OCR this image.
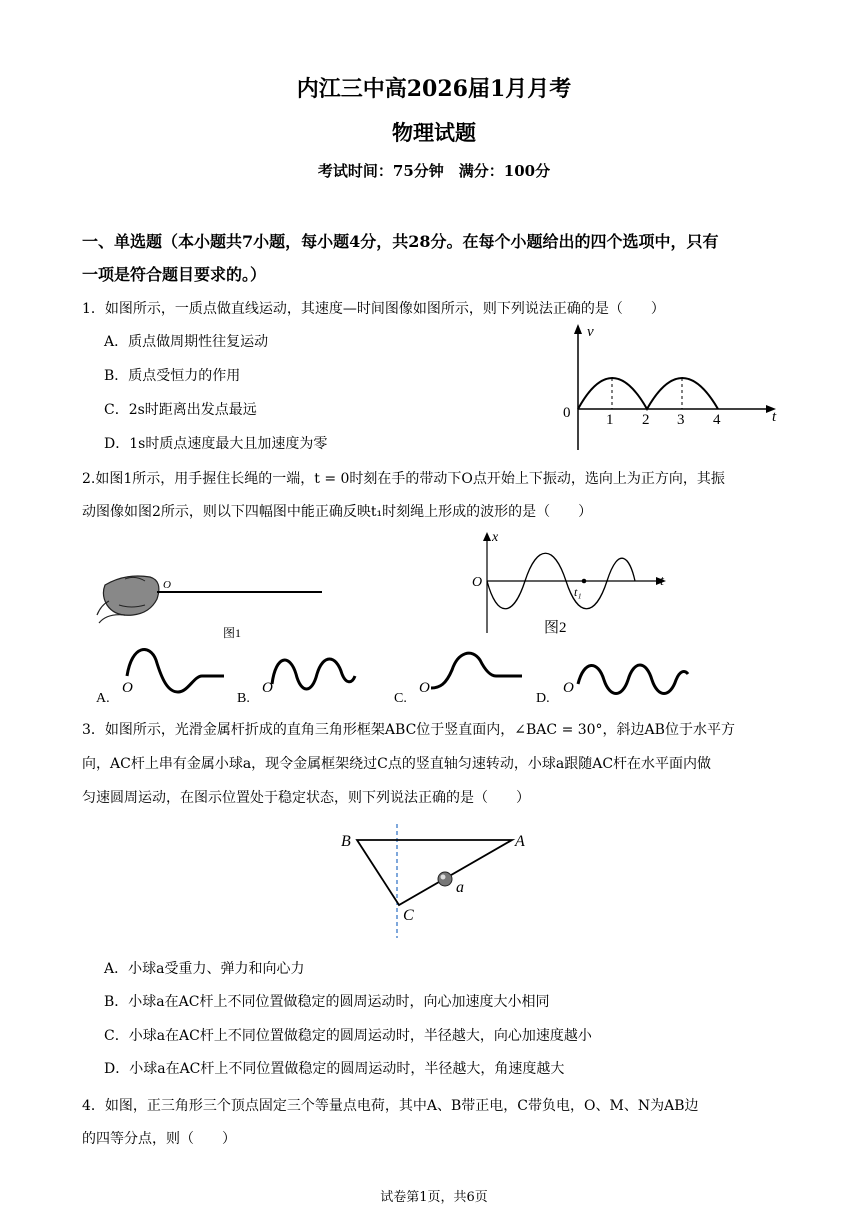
内江三中高2026届1月月考
物理试题
考试时间：75分钟　满分：100分
一、单选题（本小题共7小题，每小题4分，共28分。在每个小题给出的四个选项中，只有
一项是符合题目要求的。）
1．如图所示，一质点做直线运动，其速度—时间图像如图所示，则下列说法正确的是（　　）
A．质点做周期性往复运动
B．质点受恒力的作用
C．2s时距离出发点最远
D．1s时质点速度最大且加速度为零
v
t
0 1 2 3 4
2.如图1所示，用手握住长绳的一端，t = 0时刻在手的带动下O点开始上下振动，选向上为正方向，其振
动图像如图2所示，则以下四幅图中能正确反映t₁时刻绳上形成的波形的是（　　）
O
图1
x
t
O
t₁
图2
A.
O
B.
O
C.
O
D.
O
3．如图所示，光滑金属杆折成的直角三角形框架ABC位于竖直面内，∠BAC = 30°，斜边AB位于水平方
向，AC杆上串有金属小球a，现令金属框架绕过C点的竖直轴匀速转动，小球a跟随AC杆在水平面内做
匀速圆周运动，在图示位置处于稳定状态，则下列说法正确的是（　　）
B	A
C
a
A．小球a受重力、弹力和向心力
B．小球a在AC杆上不同位置做稳定的圆周运动时，向心加速度大小相同
C．小球a在AC杆上不同位置做稳定的圆周运动时，半径越大，向心加速度越小
D．小球a在AC杆上不同位置做稳定的圆周运动时，半径越大，角速度越大
4．如图，正三角形三个顶点固定三个等量点电荷，其中A、B带正电，C带负电，O、M、N为AB边
的四等分点，则（　　）
试卷第1页，共6页
